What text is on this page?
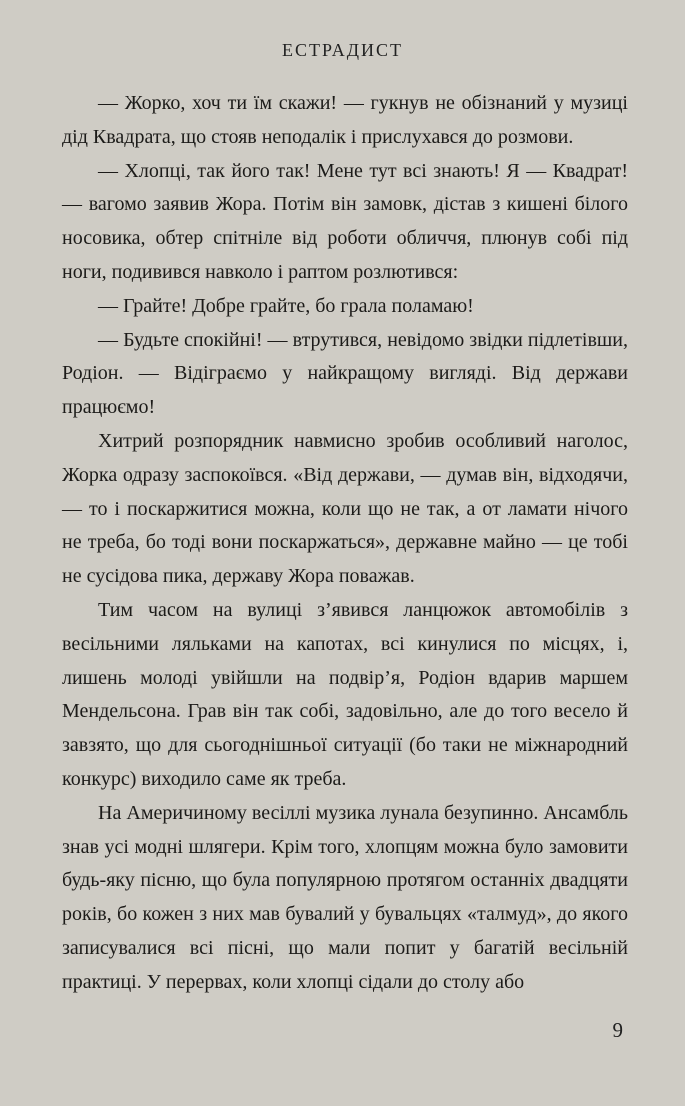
ЕСТРАДИСТ

— Жорко, хоч ти їм скажи! — гукнув не обізнаний у музиці дід Квадрата, що стояв неподалік і прислухався до розмови.

— Хлопці, так його так! Мене тут всі знають! Я — Квадрат! — вагомо заявив Жора. Потім він замовк, дістав з кишені білого носовика, обтер спітніле від роботи обличчя, плюнув собі під ноги, подивився навколо і раптом розлютився:

— Грайте! Добре грайте, бо грала поламаю!

— Будьте спокійні! — втрутився, невідомо звідки підлетівши, Родіон. — Відіграємо у найкращому вигляді. Від держави працюємо!

Хитрий розпорядник навмисно зробив особливий наголос, Жорка одразу заспокоївся. «Від держави, — думав він, відходячи, — то і поскаржитися можна, коли що не так, а от ламати нічого не треба, бо тоді вони поскаржаться», державне майно — це тобі не сусідова пика, державу Жора поважав.

Тим часом на вулиці з’явився ланцюжок автомобілів з весільними ляльками на капотах, всі кинулися по місцях, і, лишень молоді увійшли на подвір’я, Родіон вдарив маршем Мендельсона. Грав він так собі, задовільно, але до того весело й завзято, що для сьогоднішньої ситуації (бо таки не міжнародний конкурс) виходило саме як треба.

На Америчиному весіллі музика лунала безупинно. Ансамбль знав усі модні шлягери. Крім того, хлопцям можна було замовити будь-яку пісню, що була популярною протягом останніх двадцяти років, бо кожен з них мав бувалий у бувальцях «талмуд», до якого записувалися всі пісні, що мали попит у багатій весільній практиці. У перервах, коли хлопці сідали до столу або

9
